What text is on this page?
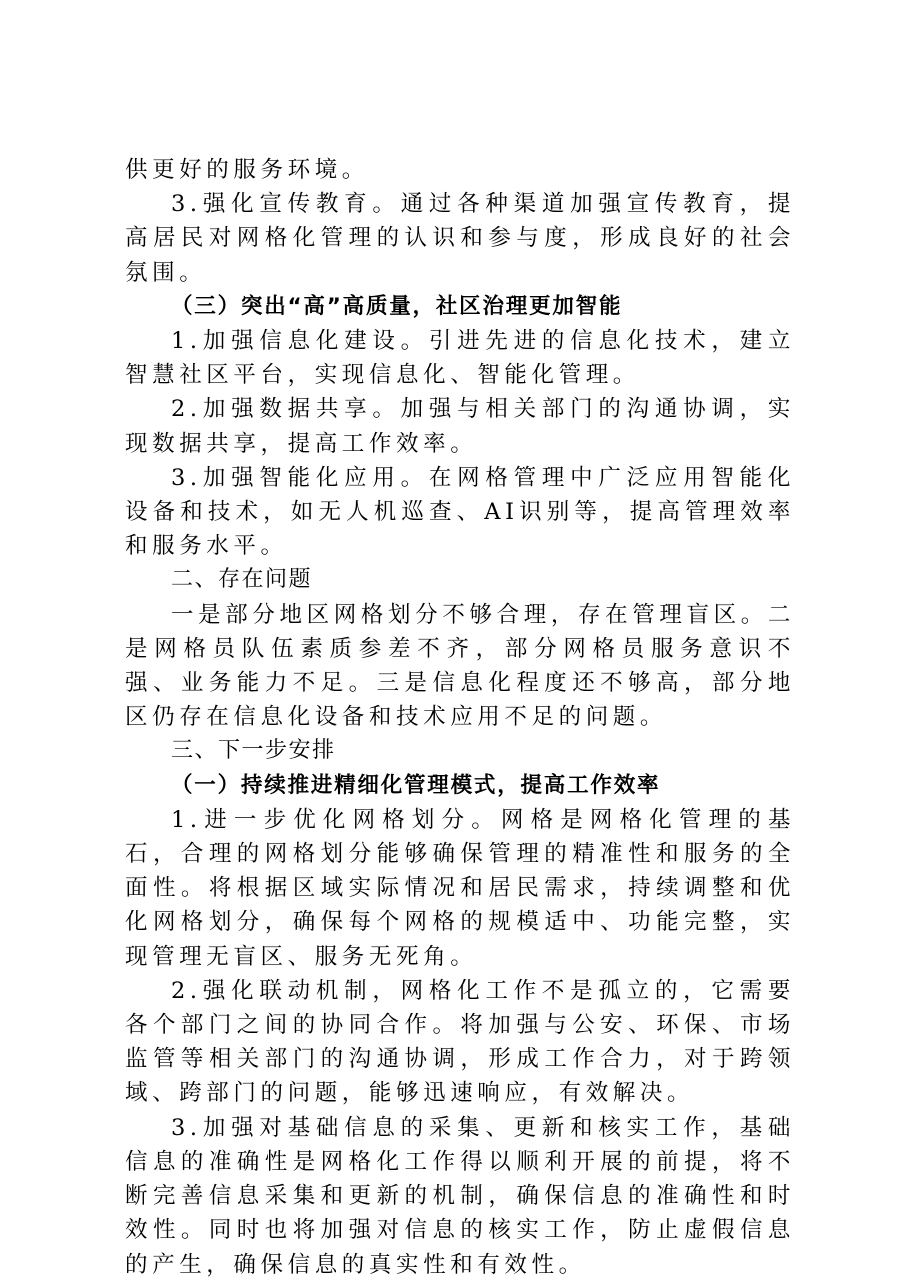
供更好的服务环境。

3.强化宣传教育。通过各种渠道加强宣传教育，提高居民对网格化管理的认识和参与度，形成良好的社会氛围。

（三）突出“高”高质量，社区治理更加智能

1.加强信息化建设。引进先进的信息化技术，建立智慧社区平台，实现信息化、智能化管理。

2.加强数据共享。加强与相关部门的沟通协调，实现数据共享，提高工作效率。

3.加强智能化应用。在网格管理中广泛应用智能化设备和技术，如无人机巡查、AI识别等，提高管理效率和服务水平。

二、存在问题

一是部分地区网格划分不够合理，存在管理盲区。二是网格员队伍素质参差不齐，部分网格员服务意识不强、业务能力不足。三是信息化程度还不够高，部分地区仍存在信息化设备和技术应用不足的问题。

三、下一步安排

（一）持续推进精细化管理模式，提高工作效率

1.进一步优化网格划分。网格是网格化管理的基石，合理的网格划分能够确保管理的精准性和服务的全面性。将根据区域实际情况和居民需求，持续调整和优化网格划分，确保每个网格的规模适中、功能完整，实现管理无盲区、服务无死角。

2.强化联动机制，网格化工作不是孤立的，它需要各个部门之间的协同合作。将加强与公安、环保、市场监管等相关部门的沟通协调，形成工作合力，对于跨领域、跨部门的问题，能够迅速响应，有效解决。

3.加强对基础信息的采集、更新和核实工作，基础信息的准确性是网格化工作得以顺利开展的前提，将不断完善信息采集和更新的机制，确保信息的准确性和时效性。同时也将加强对信息的核实工作，防止虚假信息的产生，确保信息的真实性和有效性。
